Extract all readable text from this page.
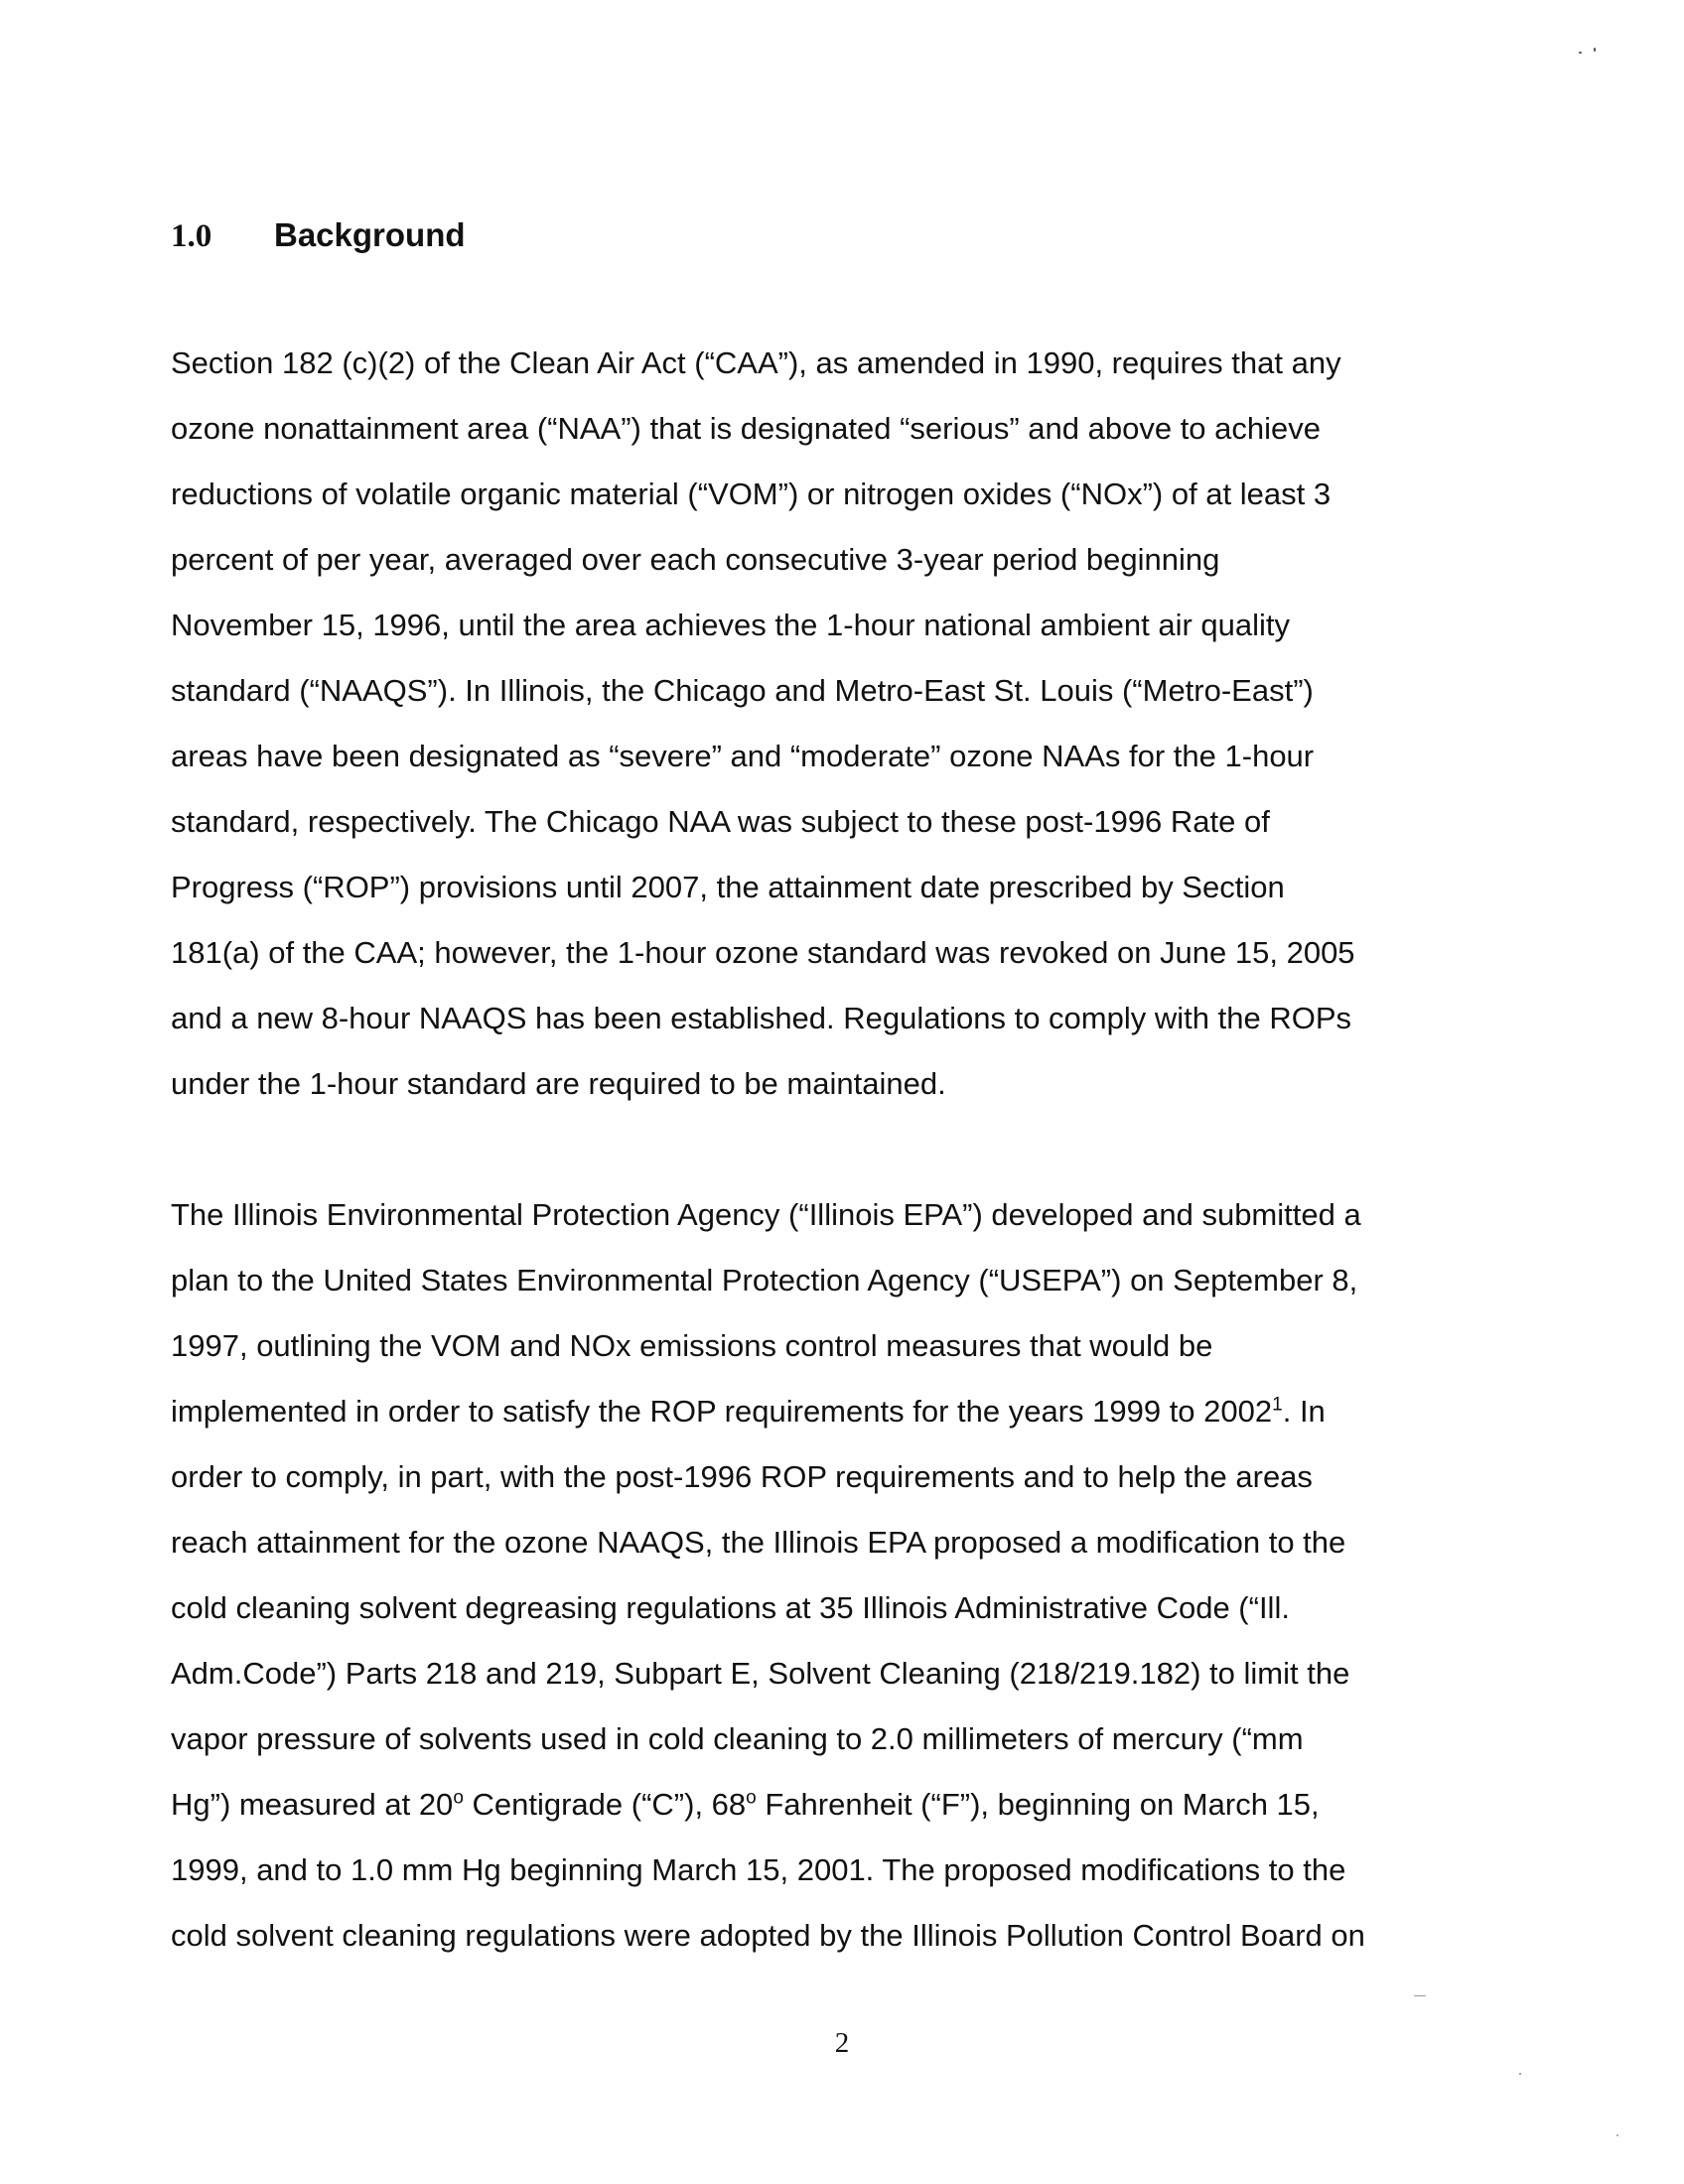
1.0 Background
Section 182 (c)(2) of the Clean Air Act (“CAA”), as amended in 1990, requires that any
ozone nonattainment area (“NAA”) that is designated “serious” and above to achieve
reductions of volatile organic material (“VOM”) or nitrogen oxides (“NOx”) of at least 3
percent of per year, averaged over each consecutive 3-year period beginning
November 15, 1996, until the area achieves the 1-hour national ambient air quality
standard (“NAAQS”). In Illinois, the Chicago and Metro-East St. Louis (“Metro-East”)
areas have been designated as “severe” and “moderate” ozone NAAs for the 1-hour
standard, respectively. The Chicago NAA was subject to these post-1996 Rate of
Progress (“ROP”) provisions until 2007, the attainment date prescribed by Section
181(a) of the CAA; however, the 1-hour ozone standard was revoked on June 15, 2005
and a new 8-hour NAAQS has been established. Regulations to comply with the ROPs
under the 1-hour standard are required to be maintained.
The Illinois Environmental Protection Agency (“Illinois EPA”) developed and submitted a
plan to the United States Environmental Protection Agency (“USEPA”) on September 8,
1997, outlining the VOM and NOx emissions control measures that would be
implemented in order to satisfy the ROP requirements for the years 1999 to 2002$^1$. In
order to comply, in part, with the post-1996 ROP requirements and to help the areas
reach attainment for the ozone NAAQS, the Illinois EPA proposed a modification to the
cold cleaning solvent degreasing regulations at 35 Illinois Administrative Code (“Ill.
Adm.Code”) Parts 218 and 219, Subpart E, Solvent Cleaning (218/219.182) to limit the
vapor pressure of solvents used in cold cleaning to 2.0 millimeters of mercury (“mm
Hg”) measured at 20$^o$ Centigrade (“C”), 68$^o$ Fahrenheit (“F”), beginning on March 15,
1999, and to 1.0 mm Hg beginning March 15, 2001. The proposed modifications to the
cold solvent cleaning regulations were adopted by the Illinois Pollution Control Board on
2
